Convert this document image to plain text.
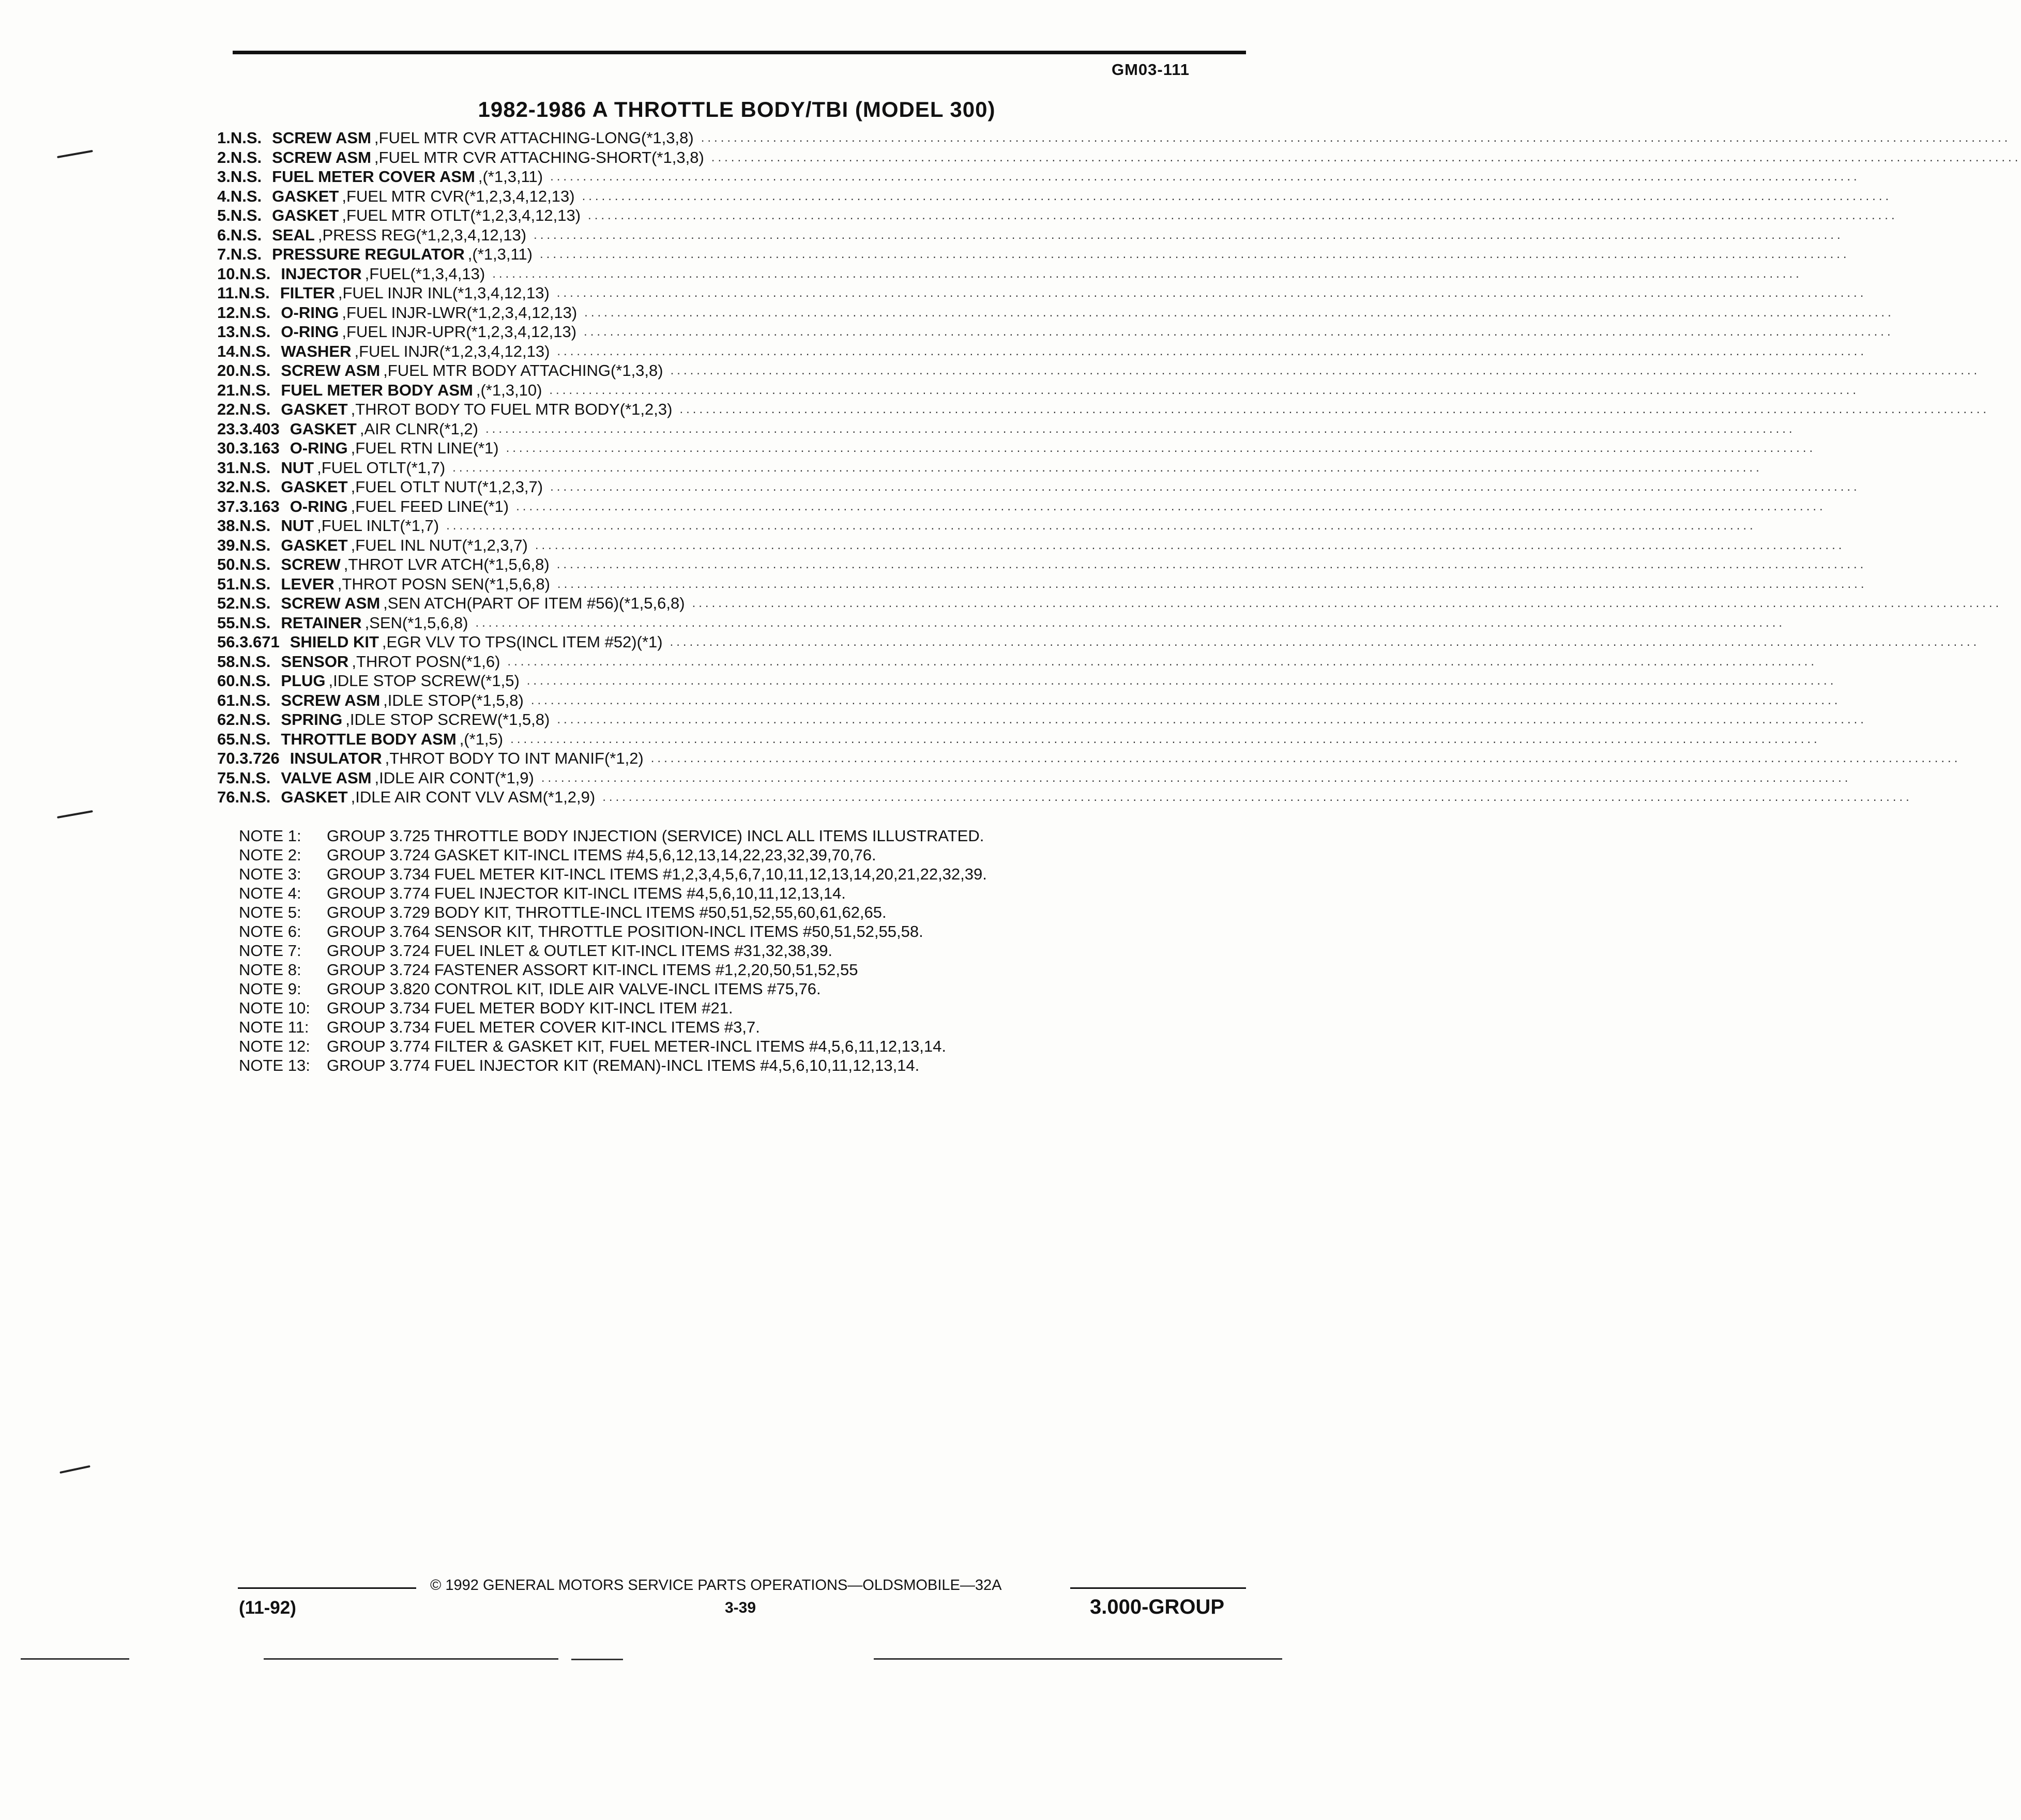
GM03-111
1982-1986 A THROTTLE BODY/TBI (MODEL 300)
1. N.S. SCREW ASM ,FUEL MTR CVR ATTACHING-LONG(*1,3,8) ........................................................................................................................................................................................................
2. N.S. SCREW ASM ,FUEL MTR CVR ATTACHING-SHORT(*1,3,8) ........................................................................................................................................................................................................
3. N.S. FUEL METER COVER ASM ,(*1,3,11) ........................................................................................................................................................................................................
4. N.S. GASKET ,FUEL MTR CVR(*1,2,3,4,12,13) ........................................................................................................................................................................................................
5. N.S. GASKET ,FUEL MTR OTLT(*1,2,3,4,12,13) ........................................................................................................................................................................................................
6. N.S. SEAL ,PRESS REG(*1,2,3,4,12,13) ........................................................................................................................................................................................................
7. N.S. PRESSURE REGULATOR ,(*1,3,11) ........................................................................................................................................................................................................
10. N.S. INJECTOR ,FUEL(*1,3,4,13) ........................................................................................................................................................................................................
11. N.S. FILTER ,FUEL INJR INL(*1,3,4,12,13) ........................................................................................................................................................................................................
12. N.S. O-RING ,FUEL INJR-LWR(*1,2,3,4,12,13) ........................................................................................................................................................................................................
13. N.S. O-RING ,FUEL INJR-UPR(*1,2,3,4,12,13) ........................................................................................................................................................................................................
14. N.S. WASHER ,FUEL INJR(*1,2,3,4,12,13) ........................................................................................................................................................................................................
20. N.S. SCREW ASM ,FUEL MTR BODY ATTACHING(*1,3,8) ........................................................................................................................................................................................................
21. N.S. FUEL METER BODY ASM ,(*1,3,10) ........................................................................................................................................................................................................
22. N.S. GASKET ,THROT BODY TO FUEL MTR BODY(*1,2,3) ........................................................................................................................................................................................................
23. 3.403 GASKET ,AIR CLNR(*1,2) ........................................................................................................................................................................................................
30. 3.163 O-RING ,FUEL RTN LINE(*1) ........................................................................................................................................................................................................
31. N.S. NUT ,FUEL OTLT(*1,7) ........................................................................................................................................................................................................
32. N.S. GASKET ,FUEL OTLT NUT(*1,2,3,7) ........................................................................................................................................................................................................
37. 3.163 O-RING ,FUEL FEED LINE(*1) ........................................................................................................................................................................................................
38. N.S. NUT ,FUEL INLT(*1,7) ........................................................................................................................................................................................................
39. N.S. GASKET ,FUEL INL NUT(*1,2,3,7) ........................................................................................................................................................................................................
50. N.S. SCREW ,THROT LVR ATCH(*1,5,6,8) ........................................................................................................................................................................................................
51. N.S. LEVER ,THROT POSN SEN(*1,5,6,8) ........................................................................................................................................................................................................
52. N.S. SCREW ASM ,SEN ATCH(PART OF ITEM #56)(*1,5,6,8) ........................................................................................................................................................................................................
55. N.S. RETAINER ,SEN(*1,5,6,8) ........................................................................................................................................................................................................
56. 3.671 SHIELD KIT ,EGR VLV TO TPS(INCL ITEM #52)(*1) ........................................................................................................................................................................................................
58. N.S. SENSOR ,THROT POSN(*1,6) ........................................................................................................................................................................................................
60. N.S. PLUG ,IDLE STOP SCREW(*1,5) ........................................................................................................................................................................................................
61. N.S. SCREW ASM ,IDLE STOP(*1,5,8) ........................................................................................................................................................................................................
62. N.S. SPRING ,IDLE STOP SCREW(*1,5,8) ........................................................................................................................................................................................................
65. N.S. THROTTLE BODY ASM ,(*1,5) ........................................................................................................................................................................................................
70. 3.726 INSULATOR ,THROT BODY TO INT MANIF(*1,2) ........................................................................................................................................................................................................
75. N.S. VALVE ASM ,IDLE AIR CONT(*1,9) ........................................................................................................................................................................................................
76. N.S. GASKET ,IDLE AIR CONT VLV ASM(*1,2,9) ........................................................................................................................................................................................................
NOTE 1:	GROUP 3.725 THROTTLE BODY INJECTION (SERVICE) INCL ALL ITEMS ILLUSTRATED.
NOTE 2:	GROUP 3.724 GASKET KIT-INCL ITEMS #4,5,6,12,13,14,22,23,32,39,70,76.
NOTE 3:	GROUP 3.734 FUEL METER KIT-INCL ITEMS #1,2,3,4,5,6,7,10,11,12,13,14,20,21,22,32,39.
NOTE 4:	GROUP 3.774 FUEL INJECTOR KIT-INCL ITEMS #4,5,6,10,11,12,13,14.
NOTE 5:	GROUP 3.729 BODY KIT, THROTTLE-INCL ITEMS #50,51,52,55,60,61,62,65.
NOTE 6:	GROUP 3.764 SENSOR KIT, THROTTLE POSITION-INCL ITEMS #50,51,52,55,58.
NOTE 7:	GROUP 3.724 FUEL INLET & OUTLET KIT-INCL ITEMS #31,32,38,39.
NOTE 8:	GROUP 3.724 FASTENER ASSORT KIT-INCL ITEMS #1,2,20,50,51,52,55
NOTE 9:	GROUP 3.820 CONTROL KIT, IDLE AIR VALVE-INCL ITEMS #75,76.
NOTE 10:	GROUP 3.734 FUEL METER BODY KIT-INCL ITEM #21.
NOTE 11:	GROUP 3.734 FUEL METER COVER KIT-INCL ITEMS #3,7.
NOTE 12:	GROUP 3.774 FILTER & GASKET KIT, FUEL METER-INCL ITEMS #4,5,6,11,12,13,14.
NOTE 13:	GROUP 3.774 FUEL INJECTOR KIT (REMAN)-INCL ITEMS #4,5,6,10,11,12,13,14.
© 1992 GENERAL MOTORS SERVICE PARTS OPERATIONS—OLDSMOBILE—32A
(11-92)	3-39	3.000-GROUP
